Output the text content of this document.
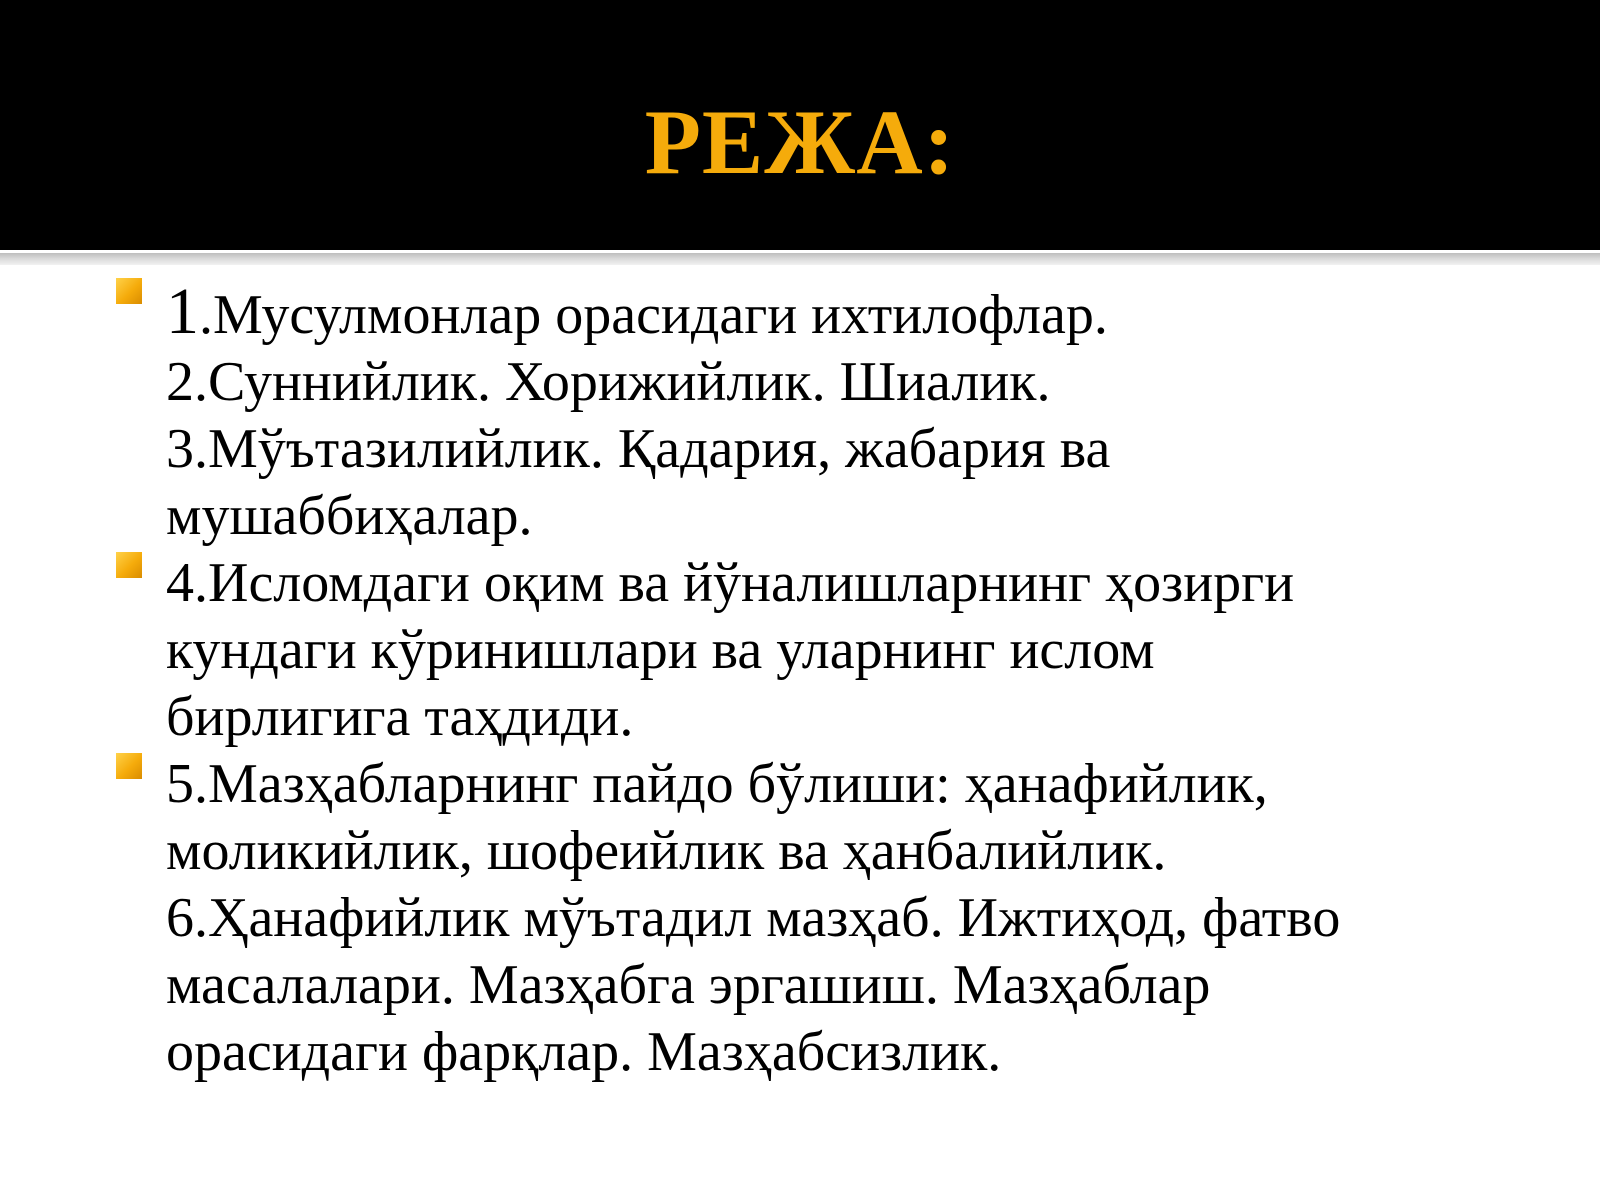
РЕЖА:
1.Мусулмонлар орасидаги ихтилофлар.
2.Суннийлик. Хорижийлик. Шиалик.
3.Мўътазилийлик. Қадария, жабария ва
мушаббиҳалар.
4.Исломдаги оқим ва йўналишларнинг ҳозирги
кундаги кўринишлари ва уларнинг ислом
бирлигига таҳдиди.
5.Мазҳабларнинг пайдо бўлиши: ҳанафийлик,
моликийлик, шофеийлик ва ҳанбалийлик.
6.Ҳанафийлик мўътадил мазҳаб. Ижтиҳод, фатво
масалалари. Мазҳабга эргашиш. Мазҳаблар
орасидаги фарқлар. Мазҳабсизлик.
